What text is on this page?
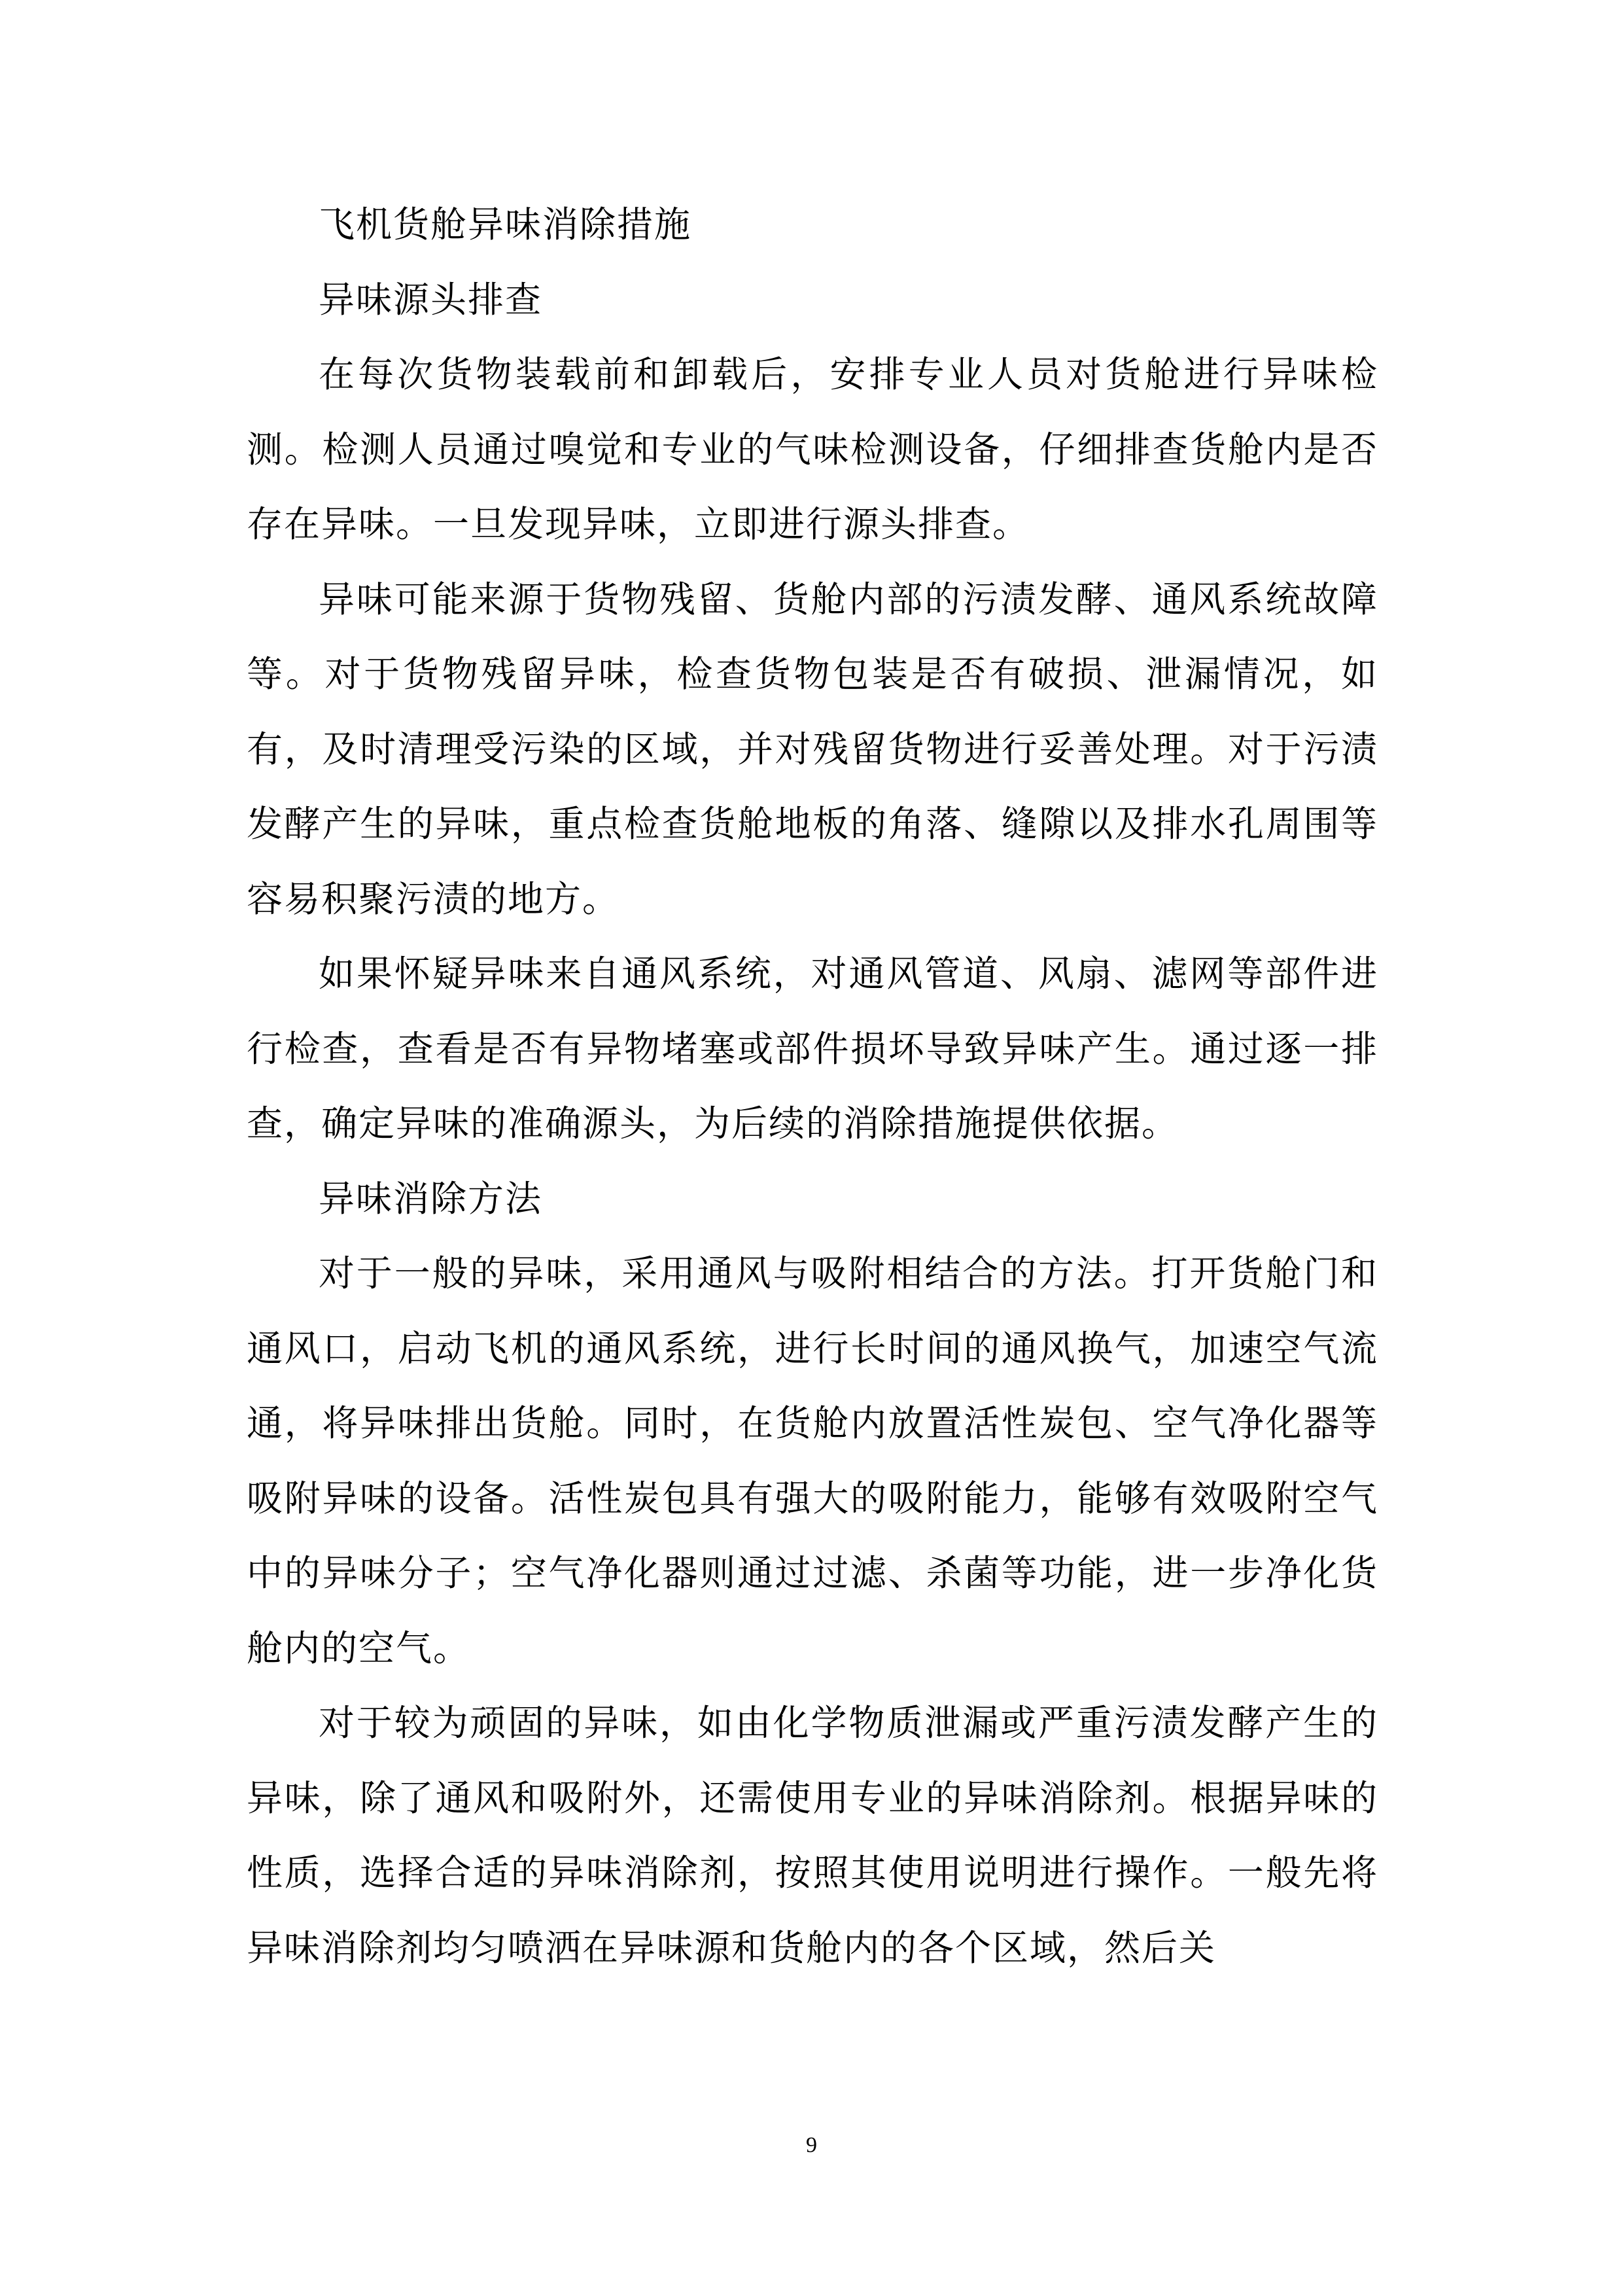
飞机货舱异味消除措施

异味源头排查

在每次货物装载前和卸载后，安排专业人员对货舱进行异味检测。检测人员通过嗅觉和专业的气味检测设备，仔细排查货舱内是否存在异味。一旦发现异味，立即进行源头排查。

异味可能来源于货物残留、货舱内部的污渍发酵、通风系统故障等。对于货物残留异味，检查货物包装是否有破损、泄漏情况，如有，及时清理受污染的区域，并对残留货物进行妥善处理。对于污渍发酵产生的异味，重点检查货舱地板的角落、缝隙以及排水孔周围等容易积聚污渍的地方。

如果怀疑异味来自通风系统，对通风管道、风扇、滤网等部件进行检查，查看是否有异物堵塞或部件损坏导致异味产生。通过逐一排查，确定异味的准确源头，为后续的消除措施提供依据。

异味消除方法

对于一般的异味，采用通风与吸附相结合的方法。打开货舱门和通风口，启动飞机的通风系统，进行长时间的通风换气，加速空气流通，将异味排出货舱。同时，在货舱内放置活性炭包、空气净化器等吸附异味的设备。活性炭包具有强大的吸附能力，能够有效吸附空气中的异味分子；空气净化器则通过过滤、杀菌等功能，进一步净化货舱内的空气。

对于较为顽固的异味，如由化学物质泄漏或严重污渍发酵产生的异味，除了通风和吸附外，还需使用专业的异味消除剂。根据异味的性质，选择合适的异味消除剂，按照其使用说明进行操作。一般先将异味消除剂均匀喷洒在异味源和货舱内的各个区域，然后关

9
